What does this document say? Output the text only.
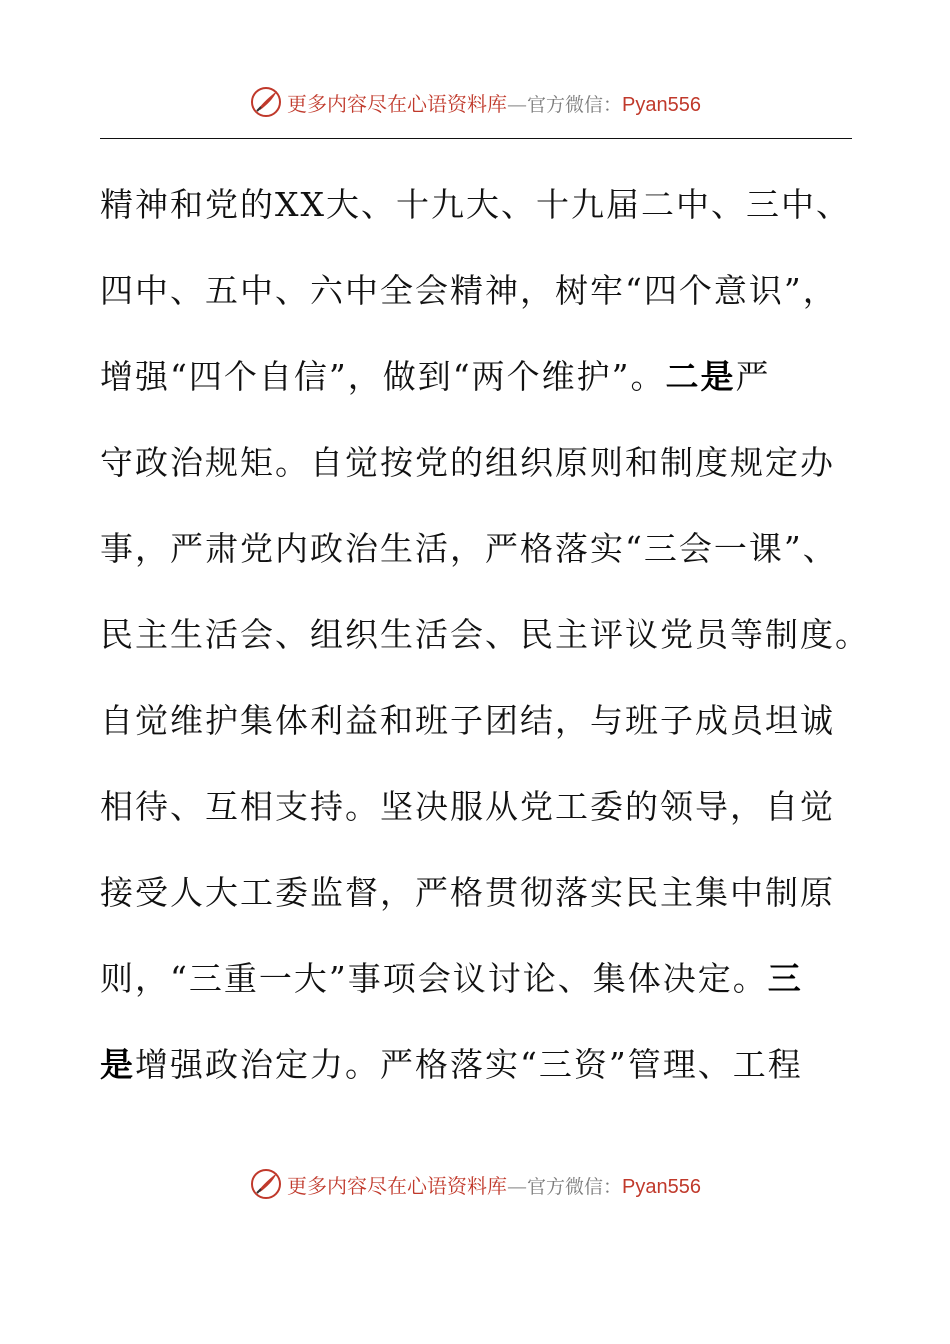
更多内容尽在心语资料库—官方微信：Pyan556
精神和党的XX大、十九大、十九届二中、三中、
四中、五中、六中全会精神，树牢“四个意识”，
增强“四个自信”，做到“两个维护”。二是严
守政治规矩。自觉按党的组织原则和制度规定办
事，严肃党内政治生活，严格落实“三会一课”、
民主生活会、组织生活会、民主评议党员等制度。
自觉维护集体利益和班子团结，与班子成员坦诚
相待、互相支持。坚决服从党工委的领导，自觉
接受人大工委监督，严格贯彻落实民主集中制原
则，“三重一大”事项会议讨论、集体决定。三
是增强政治定力。严格落实“三资”管理、工程
更多内容尽在心语资料库—官方微信：Pyan556
